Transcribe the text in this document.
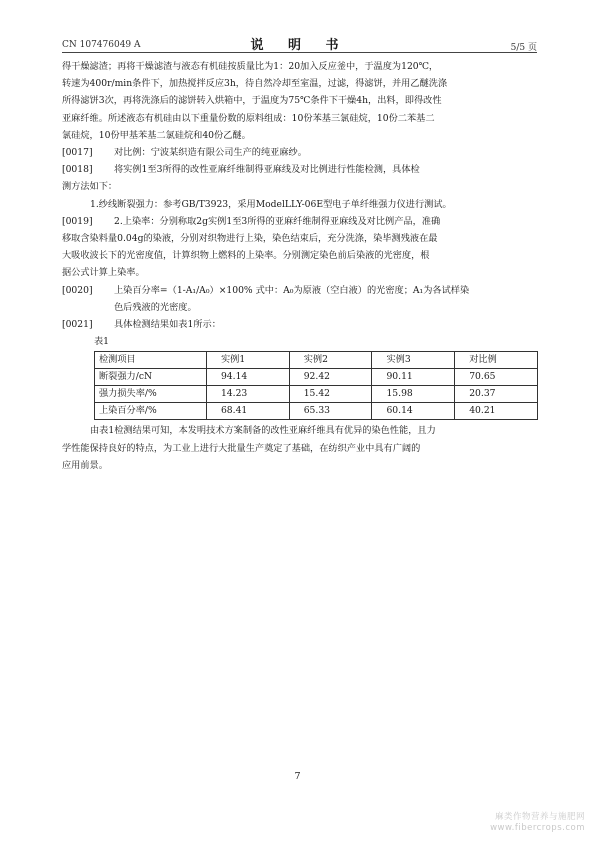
CN 107476049 A	说 明 书	5/5 页
得干燥滤渣；再将干燥滤渣与液态有机硅按质量比为1：20加入反应釜中，于温度为120℃，
转速为400r/min条件下，加热搅拌反应3h，待自然冷却至室温，过滤，得滤饼，并用乙醚洗涤
所得滤饼3次，再将洗涤后的滤饼转入烘箱中，于温度为75℃条件下干燥4h，出料，即得改性
亚麻纤维。所述液态有机硅由以下重量份数的原料组成：10份苯基三氯硅烷，10份二苯基二
氯硅烷，10份甲基苯基二氯硅烷和40份乙醚。
[0017] 对比例：宁波某织造有限公司生产的纯亚麻纱。
[0018] 将实例1至3所得的改性亚麻纤维制得亚麻线及对比例进行性能检测，具体检
测方法如下：
1.纱线断裂强力：参考GB/T3923，采用ModelLLY-06E型电子单纤维强力仪进行测试。
[0019] 2.上染率：分别称取2g实例1至3所得的亚麻纤维制得亚麻线及对比例产品，准确
移取含染料量0.04g的染液，分别对织物进行上染，染色结束后，充分洗涤，染毕测残液在最
大吸收波长下的光密度值，计算织物上燃料的上染率。分别测定染色前后染液的光密度，根
据公式计算上染率。
[0020] 上染百分率=（1-A₁/A₀）×100% 式中：A₀为原液（空白液）的光密度；A₁为各试样染
色后残液的光密度。
[0021] 具体检测结果如表1所示：

表1

检测项目	实例1	实例2	实例3	对比例
断裂强力/cN	94.14	92.42	90.11	70.65
强力损失率/%	14.23	15.42	15.98	20.37
上染百分率/%	68.41	65.33	60.14	40.21
由表1检测结果可知，本发明技术方案制备的改性亚麻纤维具有优异的染色性能，且力
学性能保持良好的特点，为工业上进行大批量生产奠定了基础，在纺织产业中具有广阔的
应用前景。
7
麻类作物营养与施肥网
www.fibercrops.com
